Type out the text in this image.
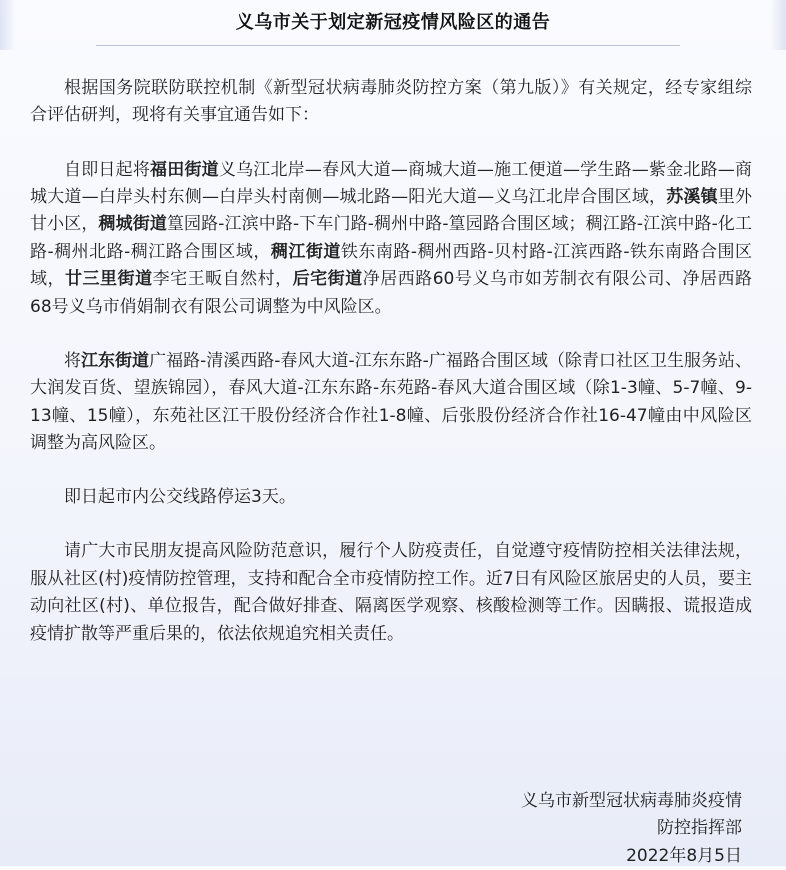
义乌市关于划定新冠疫情风险区的通告

根据国务院联防联控机制《新型冠状病毒肺炎防控方案（第九版）》有关规定，经专家组综合评估研判，现将有关事宜通告如下：

自即日起将福田街道义乌江北岸—春风大道—商城大道—施工便道—学生路—紫金北路—商城大道—白岸头村东侧—白岸头村南侧—城北路—阳光大道—义乌江北岸合围区域，苏溪镇里外甘小区，稠城街道篁园路-江滨中路-下车门路-稠州中路-篁园路合围区域；稠江路-江滨中路-化工路-稠州北路-稠江路合围区域，稠江街道铁东南路-稠州西路-贝村路-江滨西路-铁东南路合围区域，廿三里街道李宅王畈自然村，后宅街道净居西路60号义乌市如芳制衣有限公司、净居西路68号义乌市俏娟制衣有限公司调整为中风险区。

将江东街道广福路-清溪西路-春风大道-江东东路-广福路合围区域（除青口社区卫生服务站、大润发百货、望族锦园），春风大道-江东东路-东苑路-春风大道合围区域（除1-3幢、5-7幢、9-13幢、15幢），东苑社区江干股份经济合作社1-8幢、后张股份经济合作社16-47幢由中风险区调整为高风险区。

即日起市内公交线路停运3天。

请广大市民朋友提高风险防范意识，履行个人防疫责任，自觉遵守疫情防控相关法律法规，服从社区(村)疫情防控管理，支持和配合全市疫情防控工作。近7日有风险区旅居史的人员，要主动向社区(村)、单位报告，配合做好排查、隔离医学观察、核酸检测等工作。因瞒报、谎报造成疫情扩散等严重后果的，依法依规追究相关责任。

义乌市新型冠状病毒肺炎疫情
防控指挥部
2022年8月5日
